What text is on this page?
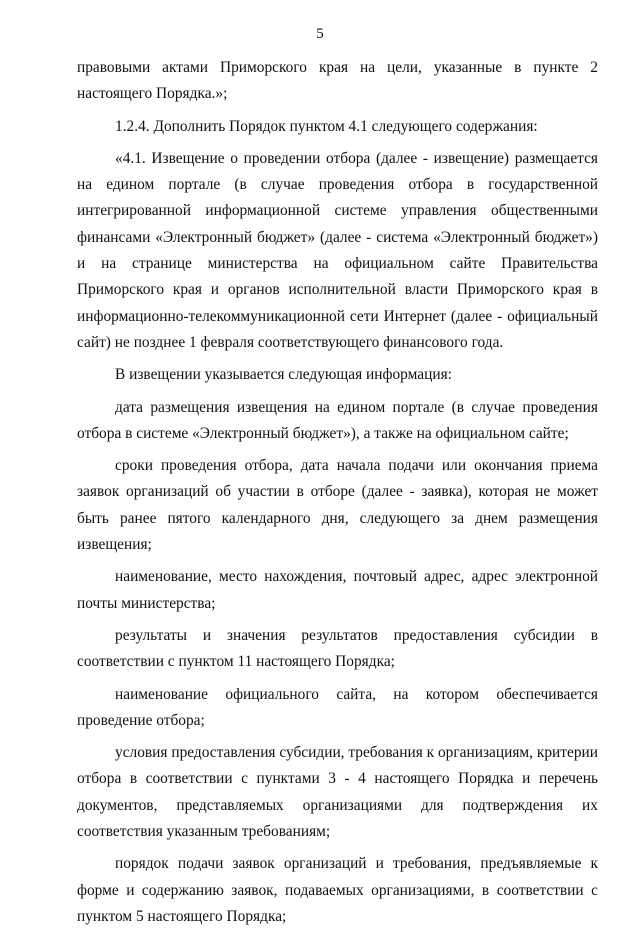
5

правовыми актами Приморского края на цели, указанные в пункте 2 настоящего Порядка.»;

1.2.4. Дополнить Порядок пунктом 4.1 следующего содержания:

«4.1. Извещение о проведении отбора (далее - извещение) размещается на едином портале (в случае проведения отбора в государственной интегрированной информационной системе управления общественными финансами «Электронный бюджет» (далее - система «Электронный бюджет») и на странице министерства на официальном сайте Правительства Приморского края и органов исполнительной власти Приморского края в информационно-телекоммуникационной сети Интернет (далее - официальный сайт) не позднее 1 февраля соответствующего финансового года.

В извещении указывается следующая информация:

дата размещения извещения на едином портале (в случае проведения отбора в системе «Электронный бюджет»), а также на официальном сайте;

сроки проведения отбора, дата начала подачи или окончания приема заявок организаций об участии в отборе (далее - заявка), которая не может быть ранее пятого календарного дня, следующего за днем размещения извещения;

наименование, место нахождения, почтовый адрес, адрес электронной почты министерства;

результаты и значения результатов предоставления субсидии в соответствии с пунктом 11 настоящего Порядка;

наименование официального сайта, на котором обеспечивается проведение отбора;

условия предоставления субсидии, требования к организациям, критерии отбора в соответствии с пунктами 3 - 4 настоящего Порядка и перечень документов, представляемых организациями для подтверждения их соответствия указанным требованиям;

порядок подачи заявок организаций и требования, предъявляемые к форме и содержанию заявок, подаваемых организациями, в соответствии с пунктом 5 настоящего Порядка;
